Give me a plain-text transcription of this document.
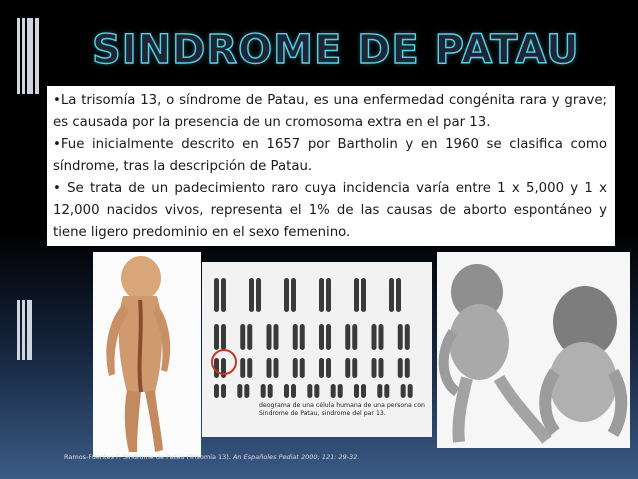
SINDROME DE PATAU

•La trisomía 13, o síndrome de Patau, es una enfermedad congénita rara y grave; es causada por la presencia de un cromosoma extra en el par 13.

•Fue inicialmente descrito en 1657 por Bartholin y en 1960 se clasifica como síndrome, tras la descripción de Patau.

• Se trata de un padecimiento raro cuya incidencia varía entre 1 x 5,000 y 1 x 12,000 nacidos vivos, representa el 1% de las causas de aborto espontáneo y tiene ligero predominio en el sexo femenino.

deograma de una célula humana de una persona con Sindrome de Patau, sindrome del par 13.
Ramos-Fuentes F. Síndrome de Patau (Trisomía 13). An Españoles Pediat 2000; 121: 29-32.
